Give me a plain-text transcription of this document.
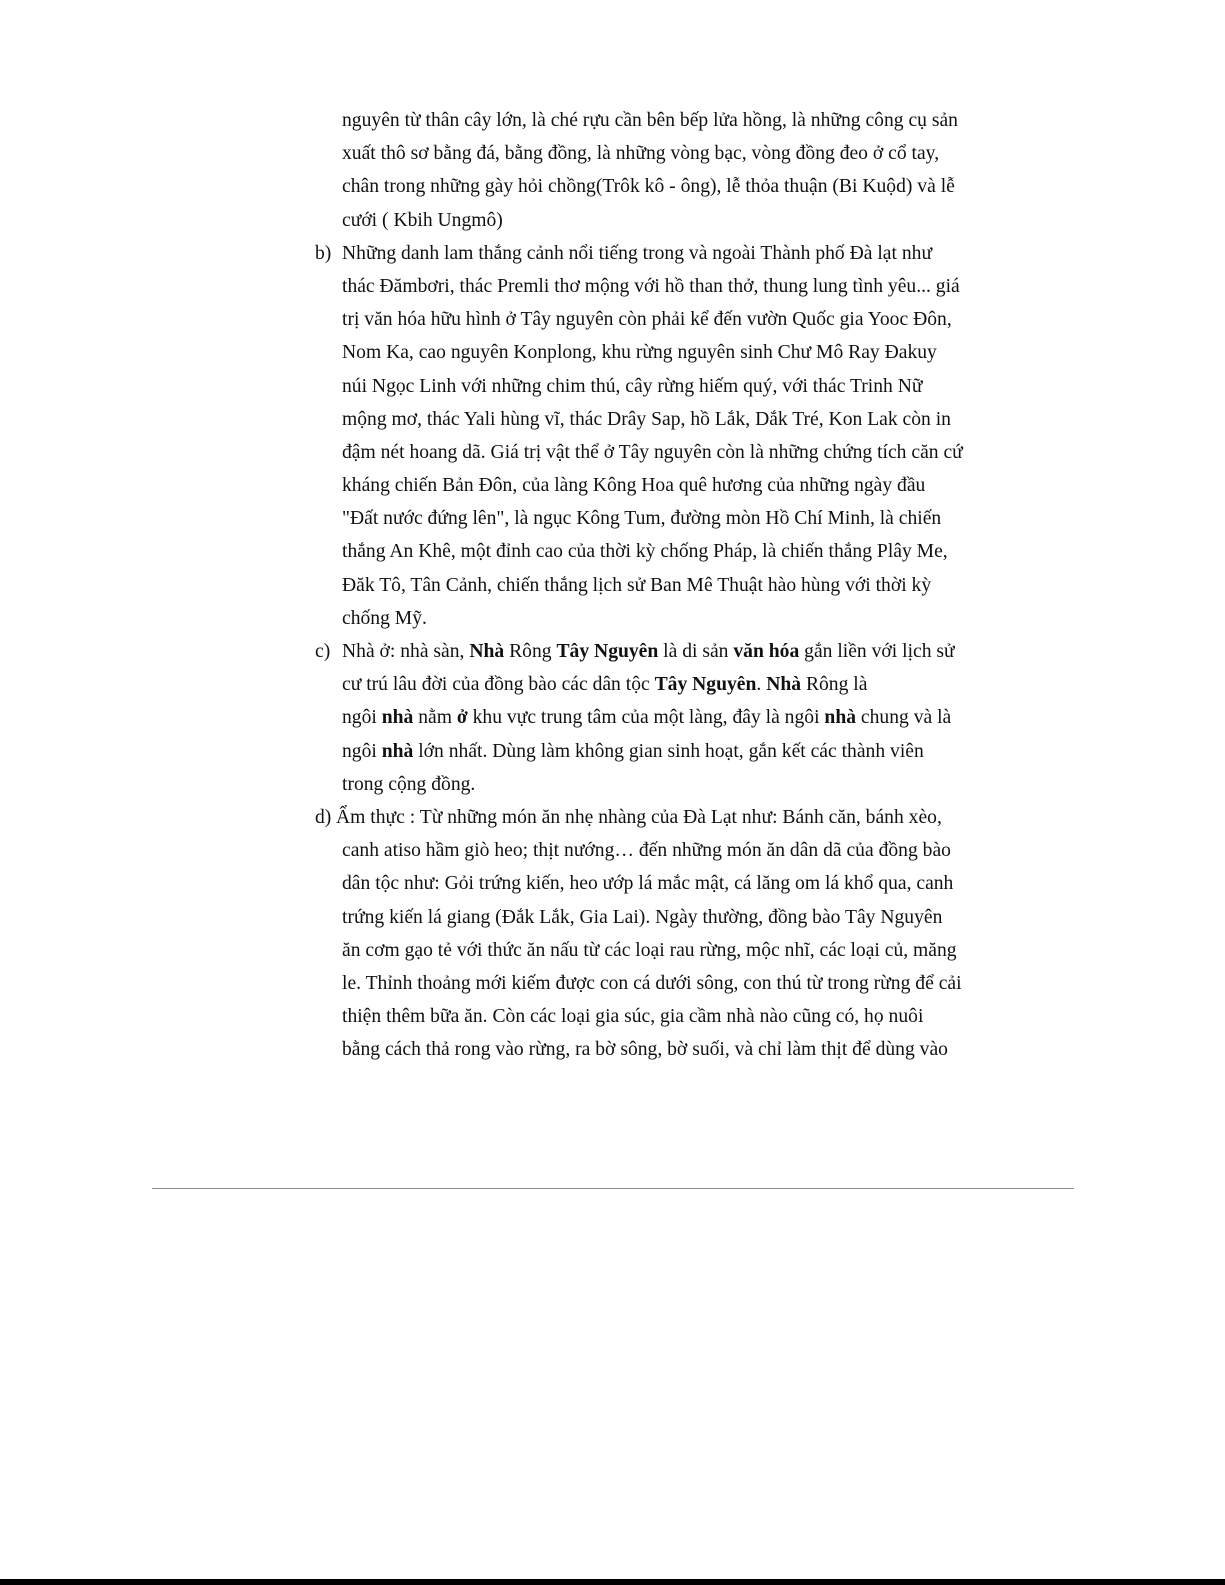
nguyên từ thân cây lớn, là ché rựu cần bên bếp lửa hồng, là những công cụ sản
xuất thô sơ bằng đá, bằng đồng, là những vòng bạc, vòng đồng đeo ở cổ tay,
chân trong những gày hỏi chồng(Trôk kô - ông), lễ thỏa thuận (Bi Kuộd) và lễ
cưới ( Kbih Ungmô)
b) Những danh lam thắng cảnh nổi tiếng trong và ngoài Thành phố Đà lạt như
thác Đămbơri, thác Premli thơ mộng với hồ than thở, thung lung tình yêu... giá
trị văn hóa hữu hình ở Tây nguyên còn phải kể đến vườn Quốc gia Yooc Đôn,
Nom Ka, cao nguyên Konplong, khu rừng nguyên sinh Chư Mô Ray Đakuy
núi Ngọc Linh với những chim thú, cây rừng hiếm quý, với thác Trinh Nữ
mộng mơ, thác Yali hùng vĩ, thác Drây Sap, hồ Lắk, Dắk Tré, Kon Lak còn in
đậm nét hoang dã. Giá trị vật thể ở Tây nguyên còn là những chứng tích căn cứ
kháng chiến Bản Đôn, của làng Kông Hoa quê hương của những ngày đầu
"Đất nước đứng lên", là ngục Kông Tum, đường mòn Hồ Chí Minh, là chiến
thắng An Khê, một đỉnh cao của thời kỳ chống Pháp, là chiến thắng Plây Me,
Đăk Tô, Tân Cảnh, chiến thắng lịch sử Ban Mê Thuật hào hùng với thời kỳ
chống Mỹ.
c) Nhà ở: nhà sàn, Nhà Rông Tây Nguyên là di sản văn hóa gắn liền với lịch sử
cư trú lâu đời của đồng bào các dân tộc Tây Nguyên. Nhà Rông là
ngôi nhà nằm ở khu vực trung tâm của một làng, đây là ngôi nhà chung và là
ngôi nhà lớn nhất. Dùng làm không gian sinh hoạt, gắn kết các thành viên
trong cộng đồng.
d) Ẩm thực : Từ những món ăn nhẹ nhàng của Đà Lạt như: Bánh căn, bánh xèo,
canh atiso hầm giò heo; thịt nướng… đến những món ăn dân dã của đồng bào
dân tộc như: Gỏi trứng kiến, heo ướp lá mắc mật, cá lăng om lá khổ qua, canh
trứng kiến lá giang (Đắk Lắk, Gia Lai). Ngày thường, đồng bào Tây Nguyên
ăn cơm gạo tẻ với thức ăn nấu từ các loại rau rừng, mộc nhĩ, các loại củ, măng
le. Thỉnh thoảng mới kiếm được con cá dưới sông, con thú từ trong rừng để cải
thiện thêm bữa ăn. Còn các loại gia súc, gia cầm nhà nào cũng có, họ nuôi
bằng cách thả rong vào rừng, ra bờ sông, bờ suối, và chỉ làm thịt để dùng vào
